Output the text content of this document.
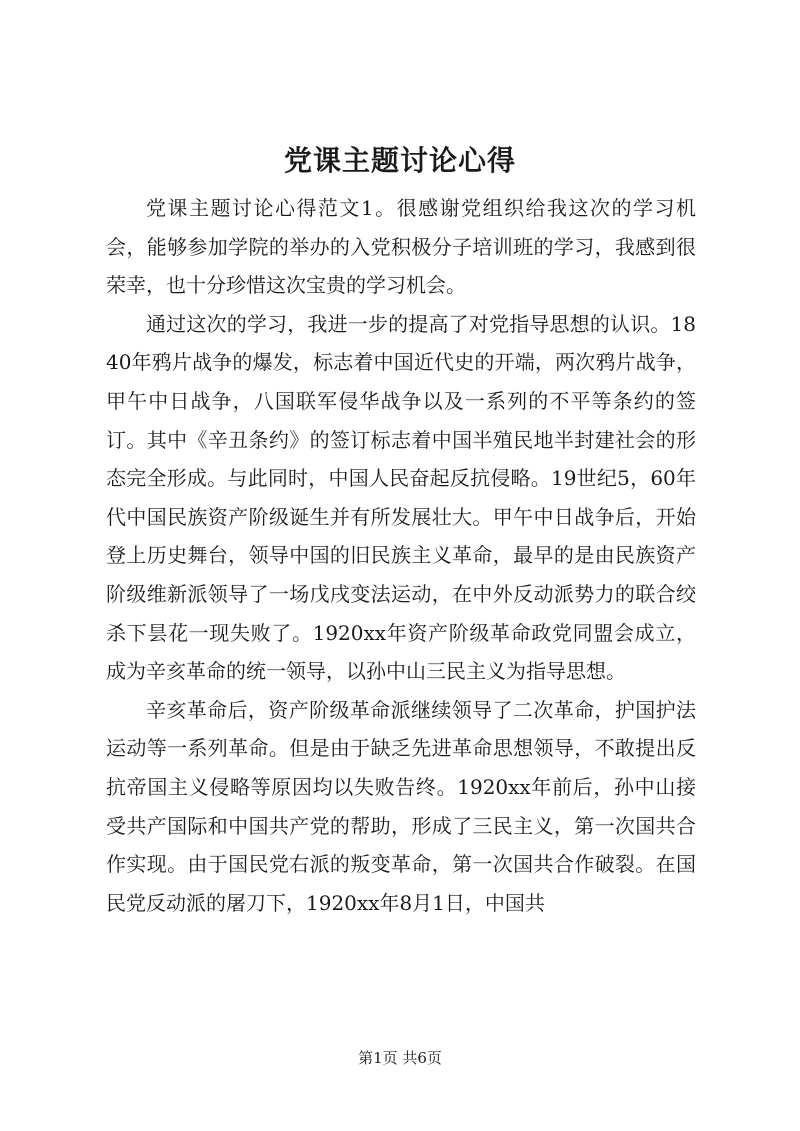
党课主题讨论心得

党课主题讨论心得范文1。很感谢党组织给我这次的学习机会，能够参加学院的举办的入党积极分子培训班的学习，我感到很荣幸，也十分珍惜这次宝贵的学习机会。

通过这次的学习，我进一步的提高了对党指导思想的认识。1840年鸦片战争的爆发，标志着中国近代史的开端，两次鸦片战争，甲午中日战争，八国联军侵华战争以及一系列的不平等条约的签订。其中《辛丑条约》的签订标志着中国半殖民地半封建社会的形态完全形成。与此同时，中国人民奋起反抗侵略。19世纪5，60年代中国民族资产阶级诞生并有所发展壮大。甲午中日战争后，开始登上历史舞台，领导中国的旧民族主义革命，最早的是由民族资产阶级维新派领导了一场戊戌变法运动，在中外反动派势力的联合绞杀下昙花一现失败了。1920xx年资产阶级革命政党同盟会成立，成为辛亥革命的统一领导，以孙中山三民主义为指导思想。

辛亥革命后，资产阶级革命派继续领导了二次革命，护国护法运动等一系列革命。但是由于缺乏先进革命思想领导，不敢提出反抗帝国主义侵略等原因均以失败告终。1920xx年前后，孙中山接受共产国际和中国共产党的帮助，形成了三民主义，第一次国共合作实现。由于国民党右派的叛变革命，第一次国共合作破裂。在国民党反动派的屠刀下，1920xx年8月1日，中国共

第1页 共6页
